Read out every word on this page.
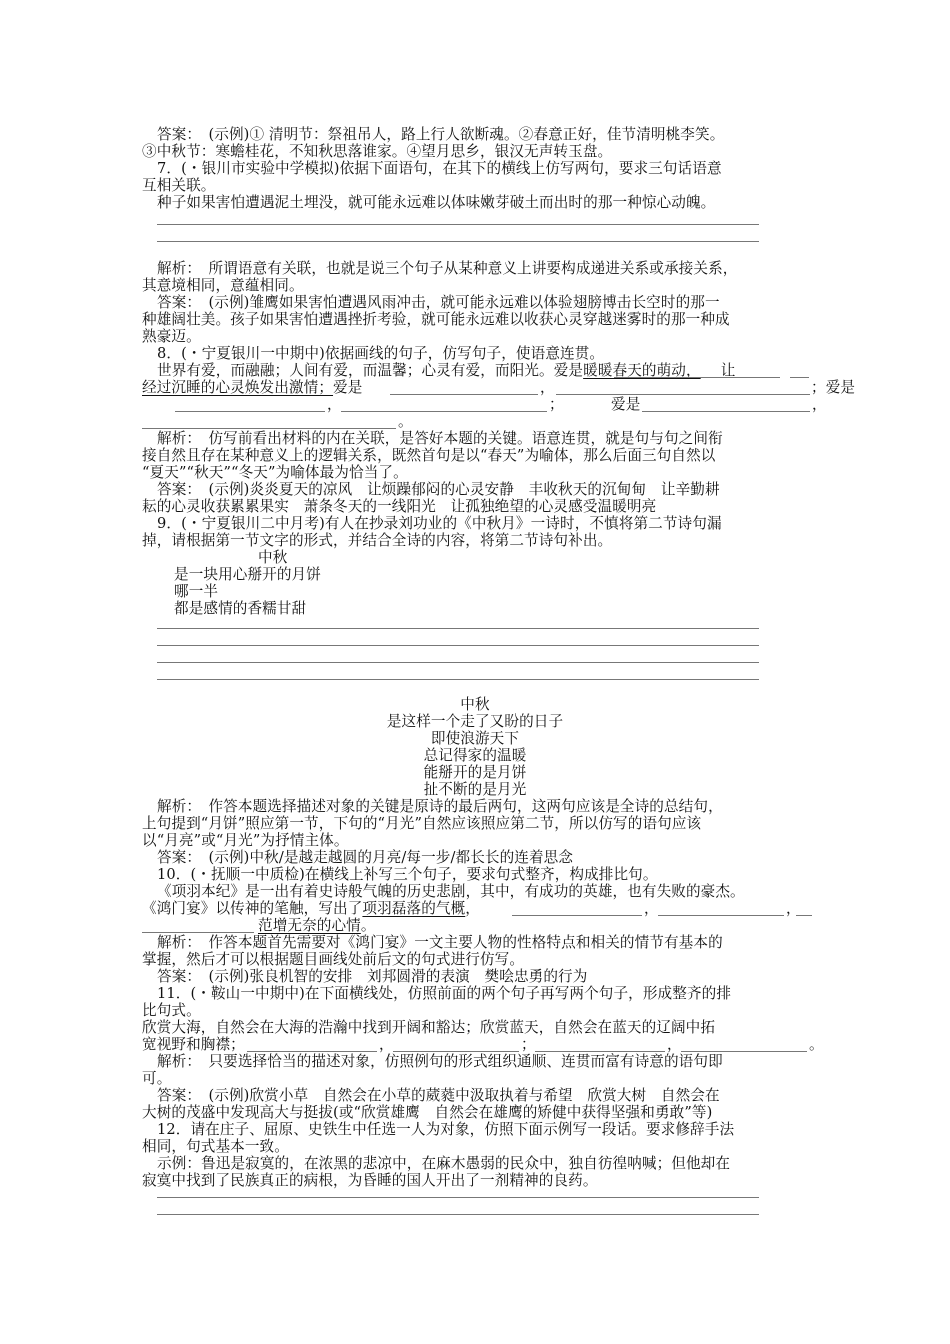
答案：　(示例)① 清明节：祭祖吊人，路上行人欲断魂。②春意正好，佳节清明桃李笑。
③中秋节：寒蟾桂花，不知秋思落谁家。④望月思乡，银汉无声转玉盘。
7．(・银川市实验中学模拟)依据下面语句，在其下的横线上仿写两句，要求三句话语意
互相关联。
种子如果害怕遭遇泥土埋没，就可能永远难以体味嫩芽破土而出时的那一种惊心动魄。
解析：　所谓语意有关联，也就是说三个句子从某种意义上讲要构成递进关系或承接关系，
其意境相同，意蕴相同。
答案：　(示例)雏鹰如果害怕遭遇风雨冲击，就可能永远难以体验翅膀博击长空时的那一
种雄阔壮美。孩子如果害怕遭遇挫折考验，就可能永远难以收获心灵穿越迷雾时的那一种成
熟豪迈。
8．(・宁夏银川一中期中)依据画线的句子，仿写句子，使语意连贯。
世界有爱，而融融；人间有爱，而温馨；心灵有爱，而阳光。爱是暖暖春天的萌动， 让
经过沉睡的心灵焕发出激情；爱是	，	；爱是
，	；	爱是	，
。
解析：　仿写前看出材料的内在关联，是答好本题的关键。语意连贯，就是句与句之间衔
接自然且存在某种意义上的逻辑关系，既然首句是以“春天”为喻体，那么后面三句自然以
“夏天”“秋天”“冬天”为喻体最为恰当了。
答案：　(示例)炎炎夏天的凉风　让烦躁郁闷的心灵安静　丰收秋天的沉甸甸　让辛勤耕
耘的心灵收获累累果实　萧条冬天的一线阳光　让孤独绝望的心灵感受温暖明亮
9．(・宁夏银川二中月考)有人在抄录刘功业的《中秋月》一诗时，不慎将第二节诗句漏
掉，请根据第一节文字的形式，并结合全诗的内容，将第二节诗句补出。
中秋
是一块用心掰开的月饼
哪一半
都是感情的香糯甘甜
中秋
是这样一个走了又盼的日子
即使浪游天下
总记得家的温暖
能掰开的是月饼
扯不断的是月光
解析：　作答本题选择描述对象的关键是原诗的最后两句，这两句应该是全诗的总结句，
上句提到“月饼”照应第一节，下句的“月光”自然应该照应第二节，所以仿写的语句应该
以“月亮”或“月光”为抒情主体。
答案：　(示例)中秋/是越走越圆的月亮/每一步/都长长的连着思念
10．(・抚顺一中质检)在横线上补写三个句子，要求句式整齐，构成排比句。
《项羽本纪》是一出有着史诗般气魄的历史悲剧，其中，有成功的英雄，也有失败的豪杰。
《鸿门宴》以传神的笔触，写出了项羽磊落的气概，	，	，
范增无奈的心情。
解析：　作答本题首先需要对《鸿门宴》一文主要人物的性格特点和相关的情节有基本的
掌握，然后才可以根据题目画线处前后文的句式进行仿写。
答案：　(示例)张良机智的安排　刘邦圆滑的表演　樊哙忠勇的行为
11．(・鞍山一中期中)在下面横线处，仿照前面的两个句子再写两个句子，形成整齐的排
比句式。
欣赏大海，自然会在大海的浩瀚中找到开阔和豁达；欣赏蓝天，自然会在蓝天的辽阔中拓
宽视野和胸襟；	，	；	，	。
解析：　只要选择恰当的描述对象，仿照例句的形式组织通顺、连贯而富有诗意的语句即
可。
答案：　(示例)欣赏小草　自然会在小草的葳蕤中汲取执着与希望　欣赏大树　自然会在
大树的茂盛中发现高大与挺拔(或“欣赏雄鹰　自然会在雄鹰的矫健中获得坚强和勇敢”等)
12．请在庄子、屈原、史铁生中任选一人为对象，仿照下面示例写一段话。要求修辞手法
相同，句式基本一致。
示例：鲁迅是寂寞的，在浓黑的悲凉中，在麻木愚弱的民众中，独自彷徨呐喊；但他却在
寂寞中找到了民族真正的病根，为昏睡的国人开出了一剂精神的良药。
